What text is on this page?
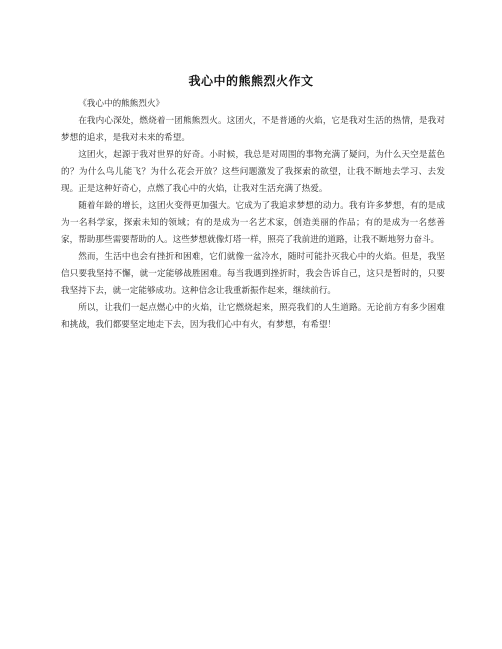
我心中的熊熊烈火作文

《我心中的熊熊烈火》

在我内心深处，燃烧着一团熊熊烈火。这团火，不是普通的火焰，它是我对生活的热情，是我对梦想的追求，是我对未来的希望。

这团火，起源于我对世界的好奇。小时候，我总是对周围的事物充满了疑问，为什么天空是蓝色的？为什么鸟儿能飞？为什么花会开放？这些问题激发了我探索的欲望，让我不断地去学习、去发现。正是这种好奇心，点燃了我心中的火焰，让我对生活充满了热爱。

随着年龄的增长，这团火变得更加强大。它成为了我追求梦想的动力。我有许多梦想，有的是成为一名科学家，探索未知的领域；有的是成为一名艺术家，创造美丽的作品；有的是成为一名慈善家，帮助那些需要帮助的人。这些梦想就像灯塔一样，照亮了我前进的道路，让我不断地努力奋斗。

然而，生活中也会有挫折和困难，它们就像一盆冷水，随时可能扑灭我心中的火焰。但是，我坚信只要我坚持不懈，就一定能够战胜困难。每当我遇到挫折时，我会告诉自己，这只是暂时的，只要我坚持下去，就一定能够成功。这种信念让我重新振作起来，继续前行。

所以，让我们一起点燃心中的火焰，让它燃烧起来，照亮我们的人生道路。无论前方有多少困难和挑战，我们都要坚定地走下去，因为我们心中有火，有梦想，有希望！
